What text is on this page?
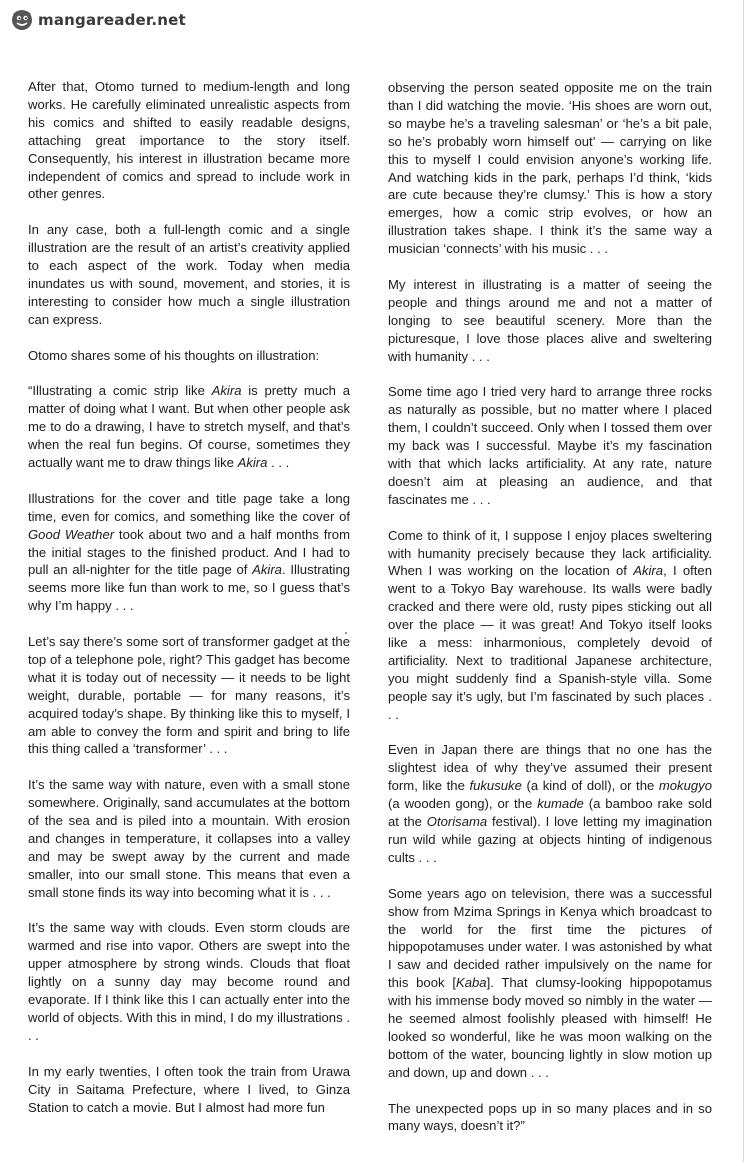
mangareader.net

After that, Otomo turned to medium-length and long works. He carefully eliminated unrealistic aspects from his comics and shifted to easily readable designs, attaching great importance to the story itself. Consequently, his interest in illustration became more independent of comics and spread to include work in other genres.

In any case, both a full-length comic and a single illustration are the result of an artist’s creativity applied to each aspect of the work. Today when media inundates us with sound, movement, and stories, it is interesting to consider how much a single illustration can express.

Otomo shares some of his thoughts on illustration:

“Illustrating a comic strip like Akira is pretty much a matter of doing what I want. But when other people ask me to do a drawing, I have to stretch myself, and that’s when the real fun begins. Of course, sometimes they actually want me to draw things like Akira . . .

Illustrations for the cover and title page take a long time, even for comics, and something like the cover of Good Weather took about two and a half months from the initial stages to the finished product. And I had to pull an all-nighter for the title page of Akira. Illustrating seems more like fun than work to me, so I guess that’s why I’m happy . . .

Let’s say there’s some sort of transformer gadget at the top of a telephone pole, right? This gadget has become what it is today out of necessity — it needs to be light weight, durable, portable — for many reasons, it’s acquired today’s shape. By thinking like this to myself, I am able to convey the form and spirit and bring to life this thing called a ‘transformer’ . . .

It’s the same way with nature, even with a small stone somewhere. Originally, sand accumulates at the bottom of the sea and is piled into a mountain. With erosion and changes in temperature, it collapses into a valley and may be swept away by the current and made smaller, into our small stone. This means that even a small stone finds its way into becoming what it is . . .

It’s the same way with clouds. Even storm clouds are warmed and rise into vapor. Others are swept into the upper atmosphere by strong winds. Clouds that float lightly on a sunny day may become round and evaporate. If I think like this I can actually enter into the world of objects. With this in mind, I do my illustrations . . .

In my early twenties, I often took the train from Urawa City in Saitama Prefecture, where I lived, to Ginza Station to catch a movie. But I almost had more fun

observing the person seated opposite me on the train than I did watching the movie. ‘His shoes are worn out, so maybe he’s a traveling salesman’ or ‘he’s a bit pale, so he’s probably worn himself out’ — carrying on like this to myself I could envision anyone’s working life. And watching kids in the park, perhaps I’d think, ‘kids are cute because they’re clumsy.’ This is how a story emerges, how a comic strip evolves, or how an illustration takes shape. I think it’s the same way a musician ‘connects’ with his music . . .

My interest in illustrating is a matter of seeing the people and things around me and not a matter of longing to see beautiful scenery. More than the picturesque, I love those places alive and sweltering with humanity . . .

Some time ago I tried very hard to arrange three rocks as naturally as possible, but no matter where I placed them, I couldn’t succeed. Only when I tossed them over my back was I successful. Maybe it’s my fascination with that which lacks artificiality. At any rate, nature doesn’t aim at pleasing an audience, and that fascinates me . . .

Come to think of it, I suppose I enjoy places sweltering with humanity precisely because they lack artificiality. When I was working on the location of Akira, I often went to a Tokyo Bay warehouse. Its walls were badly cracked and there were old, rusty pipes sticking out all over the place — it was great! And Tokyo itself looks like a mess: inharmonious, completely devoid of artificiality. Next to traditional Japanese architecture, you might suddenly find a Spanish-style villa. Some people say it’s ugly, but I’m fascinated by such places . . .

Even in Japan there are things that no one has the slightest idea of why they’ve assumed their present form, like the fukusuke (a kind of doll), or the mokugyo (a wooden gong), or the kumade (a bamboo rake sold at the Otorisama festival). I love letting my imagination run wild while gazing at objects hinting of indigenous cults . . .

Some years ago on television, there was a successful show from Mzima Springs in Kenya which broadcast to the world for the first time the pictures of hippopotamuses under water. I was astonished by what I saw and decided rather impulsively on the name for this book [Kaba]. That clumsy-looking hippopotamus with his immense body moved so nimbly in the water — he seemed almost foolishly pleased with himself! He looked so wonderful, like he was moon walking on the bottom of the water, bouncing lightly in slow motion up and down, up and down . . .

The unexpected pops up in so many places and in so many ways, doesn’t it?”
